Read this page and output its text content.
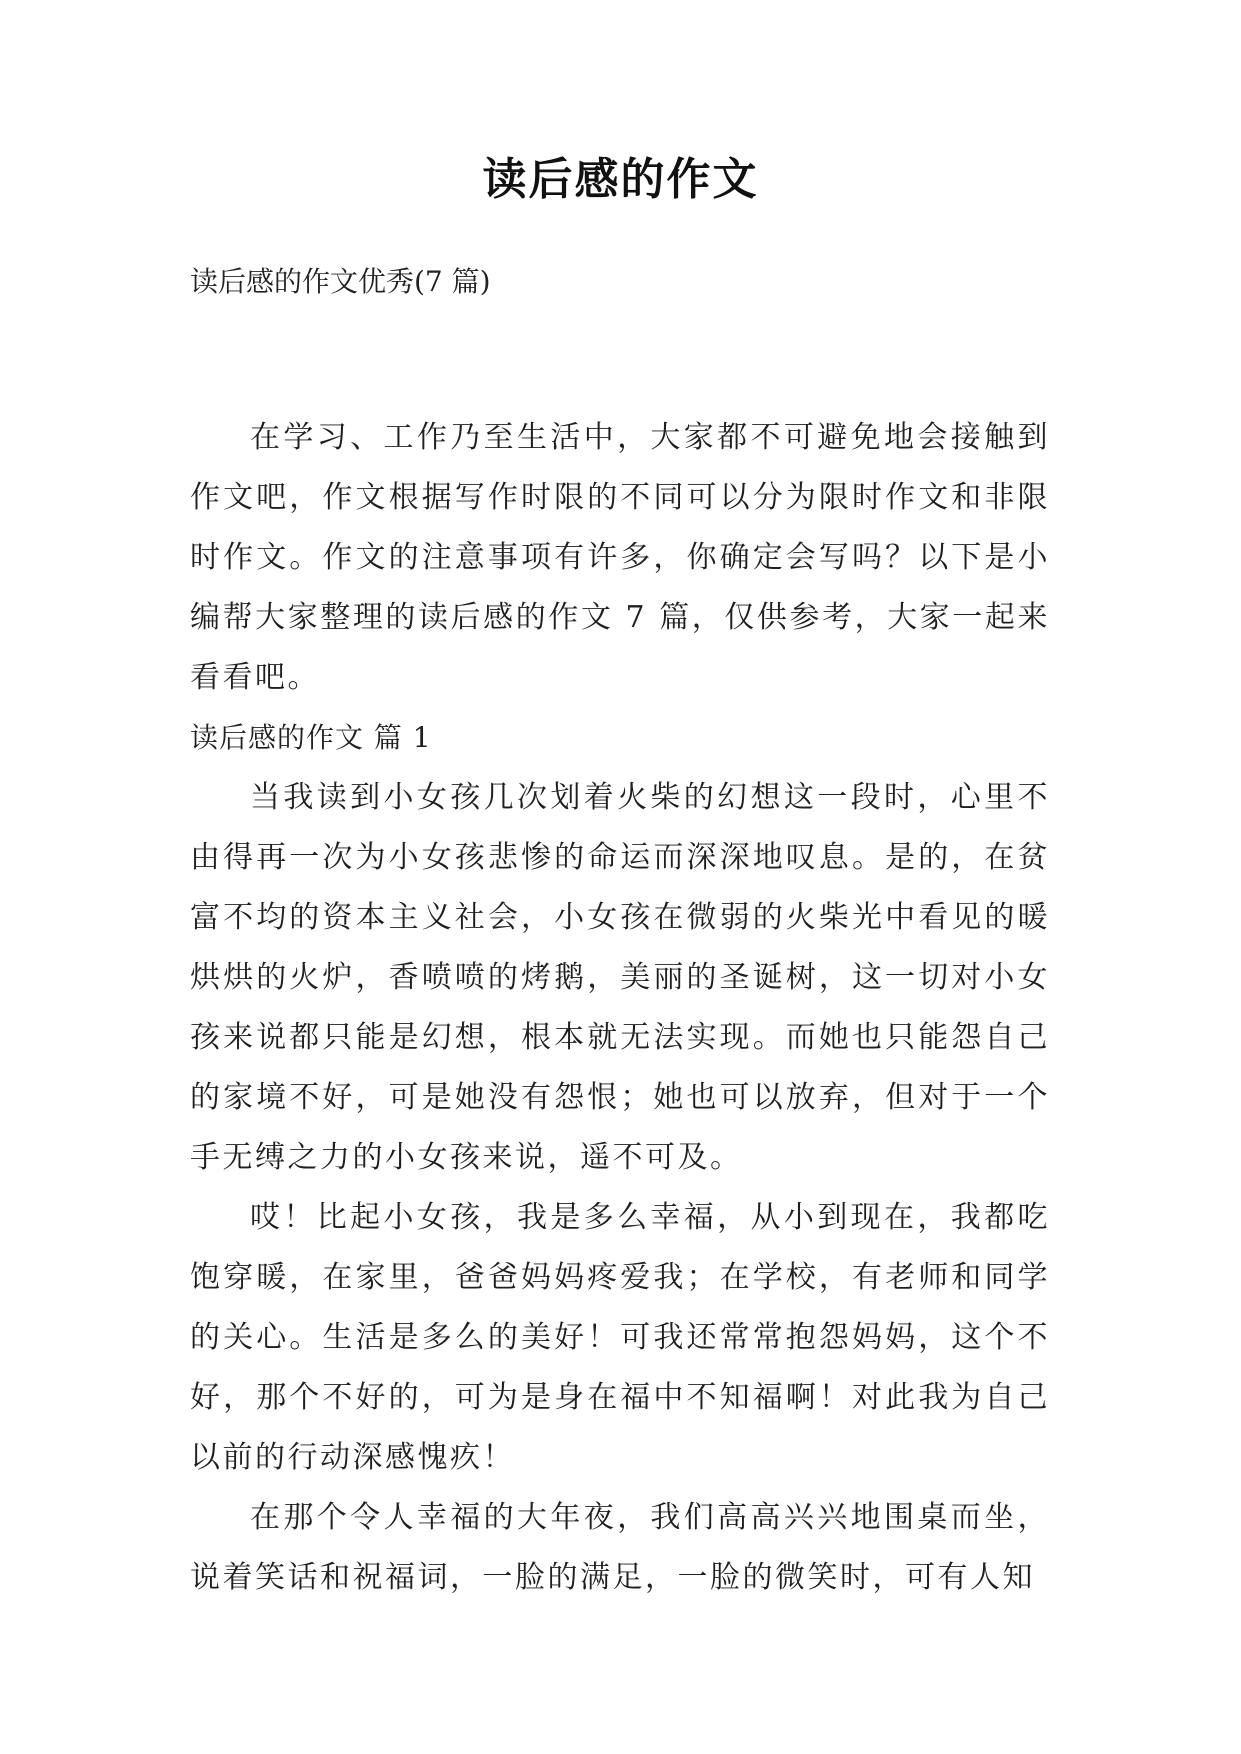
读后感的作文
读后感的作文优秀(7 篇)

在学习、工作乃至生活中，大家都不可避免地会接触到作文吧，作文根据写作时限的不同可以分为限时作文和非限时作文。作文的注意事项有许多，你确定会写吗？以下是小编帮大家整理的读后感的作文 7 篇，仅供参考，大家一起来看看吧。

读后感的作文 篇 1

当我读到小女孩几次划着火柴的幻想这一段时，心里不由得再一次为小女孩悲惨的命运而深深地叹息。是的，在贫富不均的资本主义社会，小女孩在微弱的火柴光中看见的暖烘烘的火炉，香喷喷的烤鹅，美丽的圣诞树，这一切对小女孩来说都只能是幻想，根本就无法实现。而她也只能怨自己的家境不好，可是她没有怨恨；她也可以放弃，但对于一个手无缚之力的小女孩来说，遥不可及。

哎！比起小女孩，我是多么幸福，从小到现在，我都吃饱穿暖，在家里，爸爸妈妈疼爱我；在学校，有老师和同学的关心。生活是多么的美好！可我还常常抱怨妈妈，这个不好，那个不好的，可为是身在福中不知福啊！对此我为自己以前的行动深感愧疚！

在那个令人幸福的大年夜，我们高高兴兴地围桌而坐，说着笑话和祝福词，一脸的满足，一脸的微笑时，可有人知
